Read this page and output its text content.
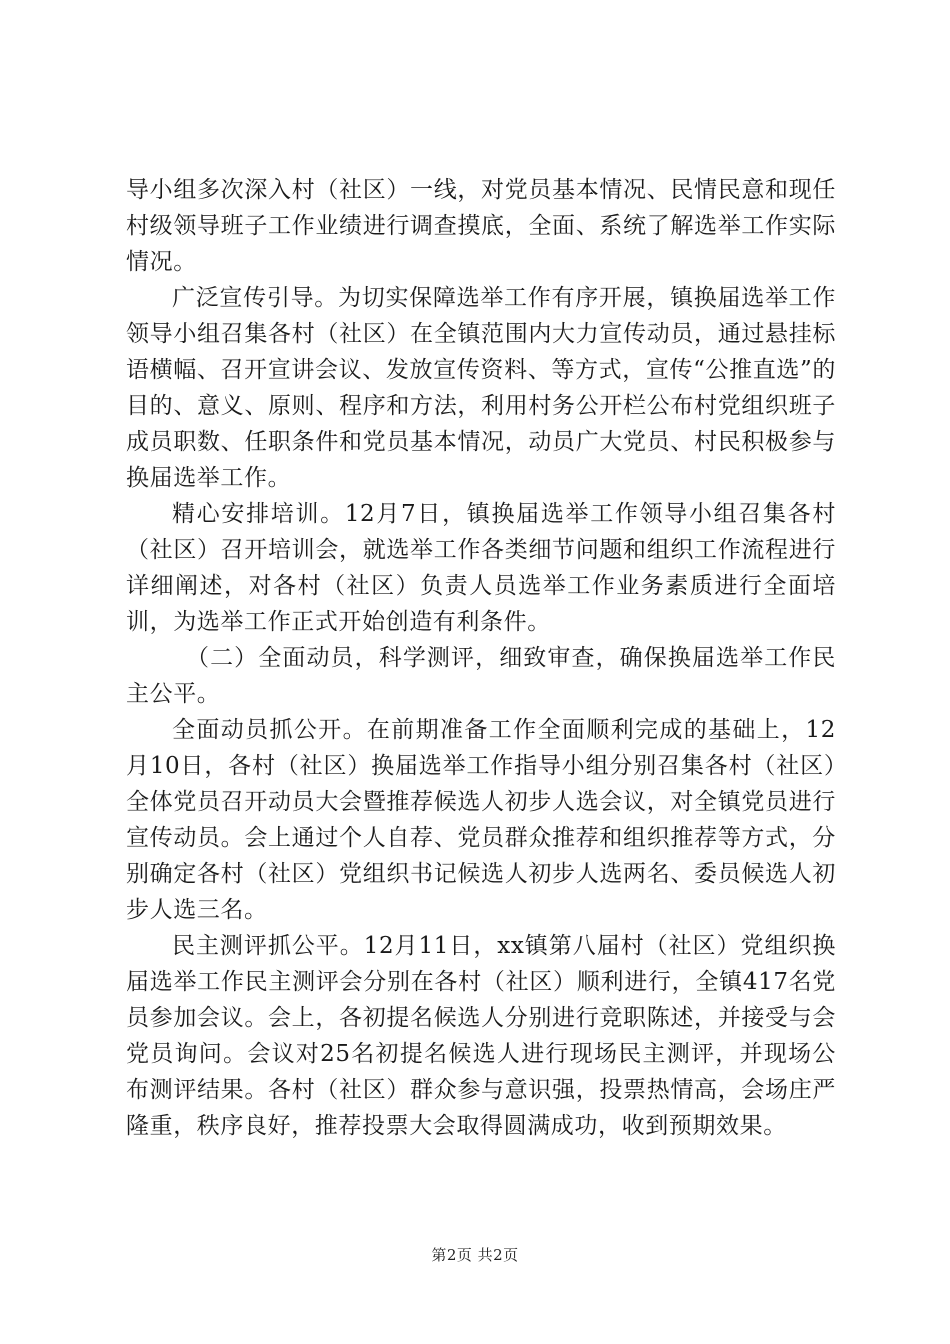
导小组多次深入村（社区）一线，对党员基本情况、民情民意和现任村级领导班子工作业绩进行调查摸底，全面、系统了解选举工作实际情况。

广泛宣传引导。为切实保障选举工作有序开展，镇换届选举工作领导小组召集各村（社区）在全镇范围内大力宣传动员，通过悬挂标语横幅、召开宣讲会议、发放宣传资料、等方式，宣传“公推直选”的目的、意义、原则、程序和方法，利用村务公开栏公布村党组织班子成员职数、任职条件和党员基本情况，动员广大党员、村民积极参与换届选举工作。

精心安排培训。12月7日，镇换届选举工作领导小组召集各村（社区）召开培训会，就选举工作各类细节问题和组织工作流程进行详细阐述，对各村（社区）负责人员选举工作业务素质进行全面培训，为选举工作正式开始创造有利条件。

（二）全面动员，科学测评，细致审查，确保换届选举工作民主公平。

全面动员抓公开。在前期准备工作全面顺利完成的基础上，12月10日，各村（社区）换届选举工作指导小组分别召集各村（社区）全体党员召开动员大会暨推荐候选人初步人选会议，对全镇党员进行宣传动员。会上通过个人自荐、党员群众推荐和组织推荐等方式，分别确定各村（社区）党组织书记候选人初步人选两名、委员候选人初步人选三名。

民主测评抓公平。12月11日，xx镇第八届村（社区）党组织换届选举工作民主测评会分别在各村（社区）顺利进行，全镇417名党员参加会议。会上，各初提名候选人分别进行竞职陈述，并接受与会党员询问。会议对25名初提名候选人进行现场民主测评，并现场公布测评结果。各村（社区）群众参与意识强，投票热情高，会场庄严隆重，秩序良好，推荐投票大会取得圆满成功，收到预期效果。

第2页 共2页
